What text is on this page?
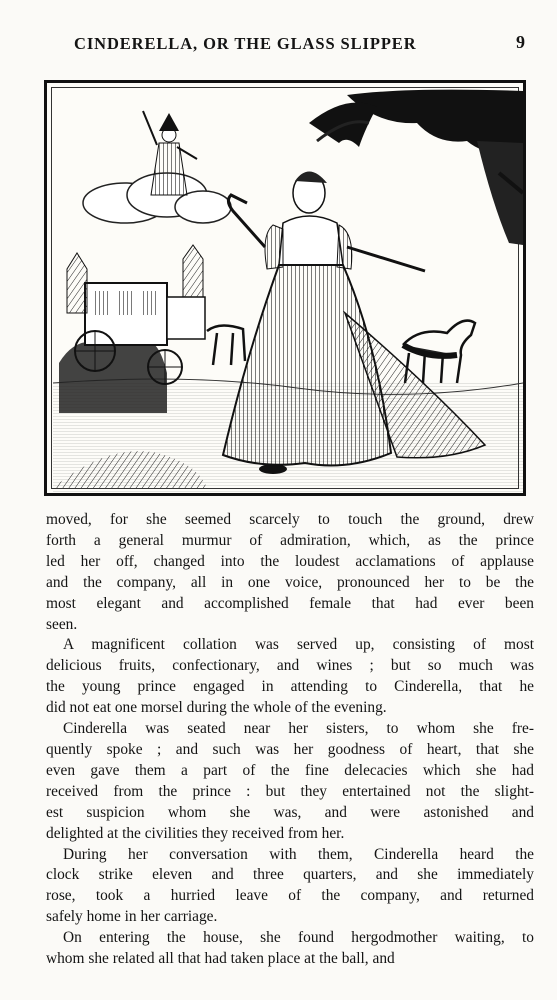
CINDERELLA, OR THE GLASS SLIPPER	9
moved, for she seemed scarcely to touch the ground, drew
forth a general murmur of admiration, which, as the prince
led her off, changed into the loudest acclamations of applause
and the company, all in one voice, pronounced her to be the
most elegant and accomplished female that had ever been
seen.
A magnificent collation was served up, consisting of most
delicious fruits, confectionary, and wines ; but so much was
the young prince engaged in attending to Cinderella, that he
did not eat one morsel during the whole of the evening.
Cinderella was seated near her sisters, to whom she fre-
quently spoke ; and such was her goodness of heart, that she
even gave them a part of the fine delecacies which she had
received from the prince : but they entertained not the slight-
est suspicion whom she was, and were astonished and
delighted at the civilities they received from her.
During her conversation with them, Cinderella heard the
clock strike eleven and three quarters, and she immediately
rose, took a hurried leave of the company, and returned
safely home in her carriage.
On entering the house, she found hergodmother waiting, to
whom she related all that had taken place at the ball, and
